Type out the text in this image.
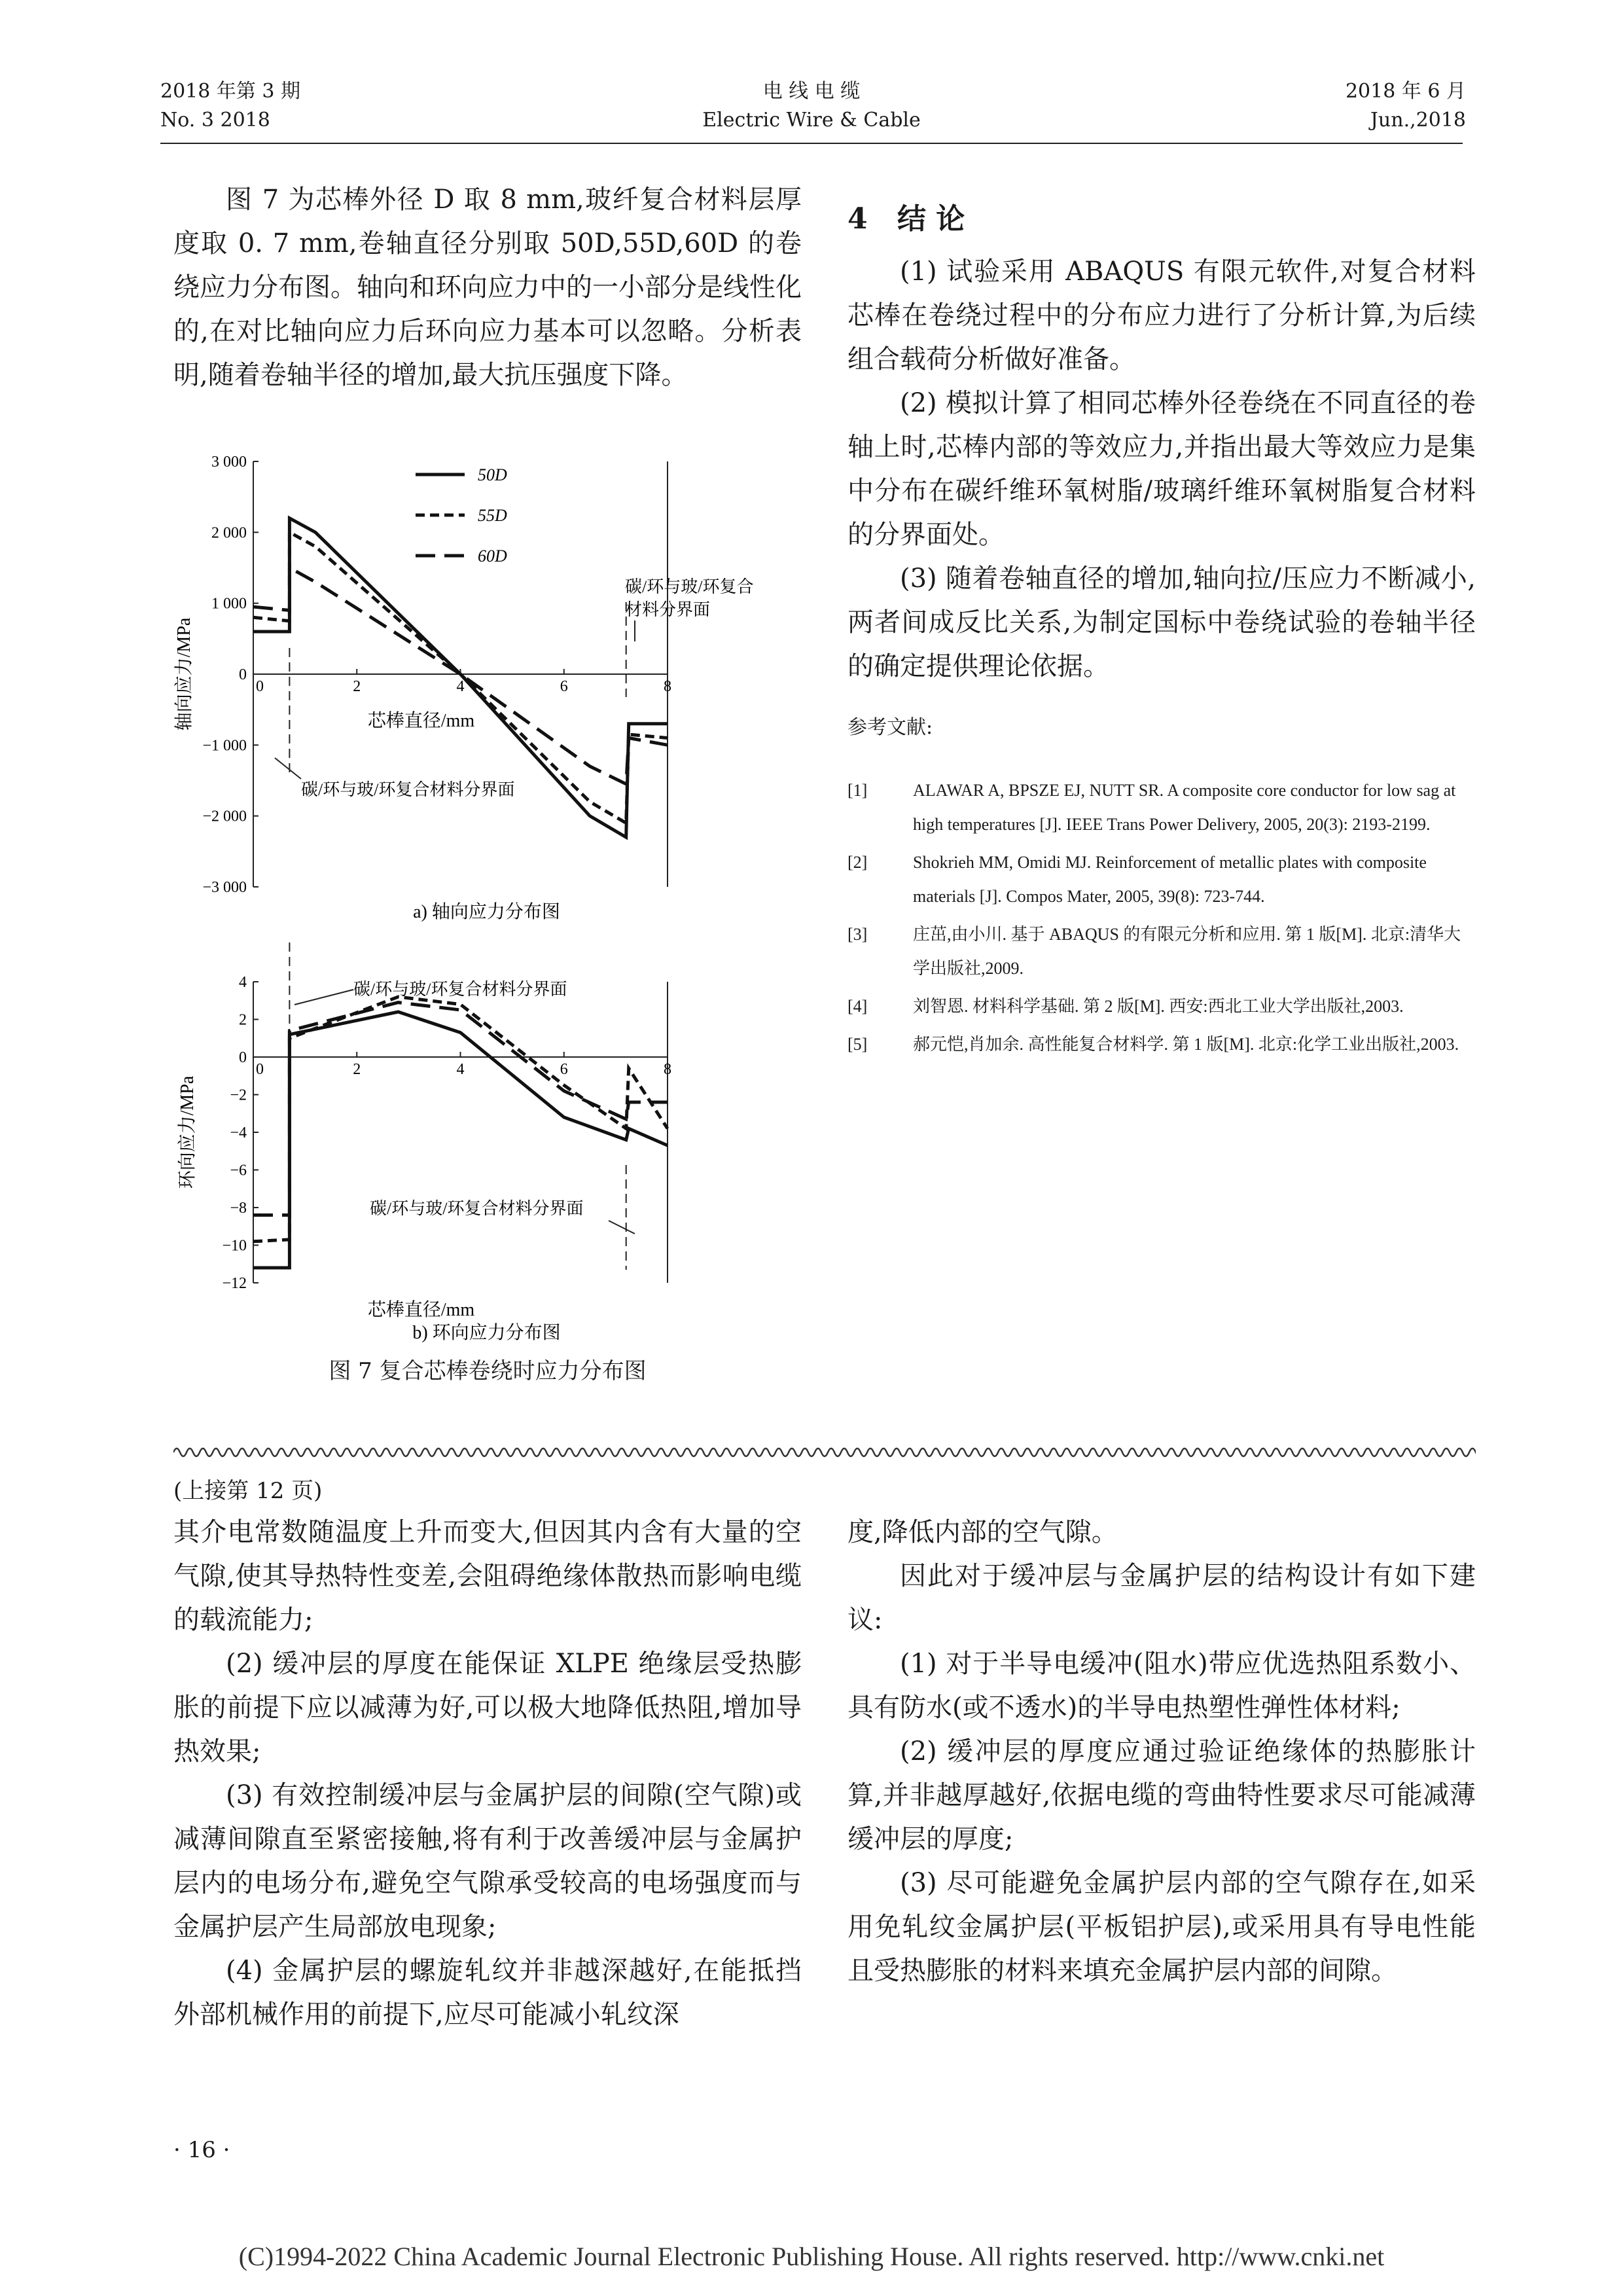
2018 年第 3 期
No. 3 2018
电 线 电 缆
Electric Wire & Cable
2018 年 6 月
Jun.,2018

图 7 为芯棒外径 D 取 8 mm,玻纤复合材料层厚度取 0. 7 mm,卷轴直径分别取 50D,55D,60D 的卷绕应力分布图。轴向和环向应力中的一小部分是线性化的,在对比轴向应力后环向应力基本可以忽略。分析表明,随着卷轴半径的增加,最大抗压强度下降。

3 000
2 000
1 000
0
−1 000
−2 000
−3 000
0	2	4	6	8
芯棒直径/mm
轴向应力/MPa
a) 轴向应力分布图
50D
55D
60D
碳/环与玻/环复合
材料分界面
碳/环与玻/环复合材料分界面
4
2
0
−2
−4
−6
−8
−10
−12
0	2	4	6	8
芯棒直径/mm
环向应力/MPa
b) 环向应力分布图
碳/环与玻/环复合材料分界面
碳/环与玻/环复合材料分界面
图 7 复合芯棒卷绕时应力分布图
4 结 论

(1) 试验采用 ABAQUS 有限元软件,对复合材料芯棒在卷绕过程中的分布应力进行了分析计算,为后续组合载荷分析做好准备。

(2) 模拟计算了相同芯棒外径卷绕在不同直径的卷轴上时,芯棒内部的等效应力,并指出最大等效应力是集中分布在碳纤维环氧树脂/玻璃纤维环氧树脂复合材料的分界面处。

(3) 随着卷轴直径的增加,轴向拉/压应力不断减小,两者间成反比关系,为制定国标中卷绕试验的卷轴半径的确定提供理论依据。

参考文献:
[1]	ALAWAR A, BPSZE EJ, NUTT SR. A composite core conductor for low sag at high temperatures [J]. IEEE Trans Power Delivery, 2005, 20(3): 2193-2199.
[2]	Shokrieh MM, Omidi MJ. Reinforcement of metallic plates with composite materials [J]. Compos Mater, 2005, 39(8): 723-744.
[3]	庄茁,由小川. 基于 ABAQUS 的有限元分析和应用. 第 1 版[M]. 北京:清华大学出版社,2009.
[4]	刘智恩. 材料科学基础. 第 2 版[M]. 西安:西北工业大学出版社,2003.
[5]	郝元恺,肖加余. 高性能复合材料学. 第 1 版[M]. 北京:化学工业出版社,2003.
(上接第 12 页)

其介电常数随温度上升而变大,但因其内含有大量的空气隙,使其导热特性变差,会阻碍绝缘体散热而影响电缆的载流能力;

(2) 缓冲层的厚度在能保证 XLPE 绝缘层受热膨胀的前提下应以减薄为好,可以极大地降低热阻,增加导热效果;

(3) 有效控制缓冲层与金属护层的间隙(空气隙)或减薄间隙直至紧密接触,将有利于改善缓冲层与金属护层内的电场分布,避免空气隙承受较高的电场强度而与金属护层产生局部放电现象;

(4) 金属护层的螺旋轧纹并非越深越好,在能抵挡外部机械作用的前提下,应尽可能减小轧纹深

度,降低内部的空气隙。

因此对于缓冲层与金属护层的结构设计有如下建议:

(1) 对于半导电缓冲(阻水)带应优选热阻系数小、具有防水(或不透水)的半导电热塑性弹性体材料;

(2) 缓冲层的厚度应通过验证绝缘体的热膨胀计算,并非越厚越好,依据电缆的弯曲特性要求尽可能减薄缓冲层的厚度;

(3) 尽可能避免金属护层内部的空气隙存在,如采用免轧纹金属护层(平板铝护层),或采用具有导电性能且受热膨胀的材料来填充金属护层内部的间隙。

· 16 ·
(C)1994-2022 China Academic Journal Electronic Publishing House. All rights reserved. http://www.cnki.net
